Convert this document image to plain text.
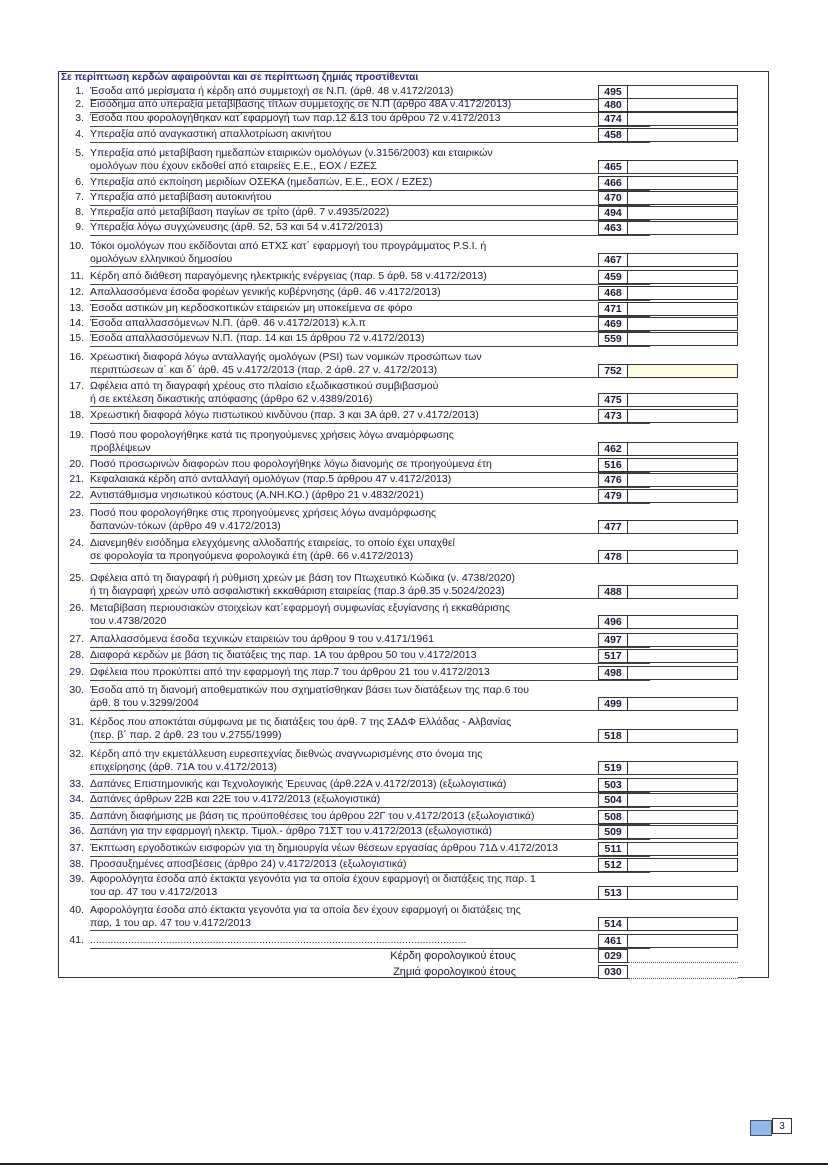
Σε περίπτωση κερδών αφαιρούνται και σε περίπτωση ζημιάς προστίθενται
1. Έσοδα από μερίσματα ή κέρδη από συμμετοχή σε Ν.Π. (άρθ. 48 ν.4172/2013)	495
2. Εισόδημα από υπεραξία μεταβίβασης τίτλων συμμετοχής σε Ν.Π (άρθρο 48Α ν.4172/2013)	480
3. Έσοδα που φορολογήθηκαν κατ΄εφαρμογή των παρ.12 &13 του άρθρου 72 ν.4172/2013	474
4. Υπεραξία από αναγκαστική απαλλοτρίωση ακινήτου	458
5. Υπεραξία από μεταβίβαση ημεδαπών εταιρικών ομολόγων (ν.3156/2003) και εταιρικών
ομολόγων που έχουν εκδοθεί από εταιρείες Ε.Ε., ΕΟΧ / ΕΖΕΣ	465
6. Υπεραξία από εκποίηση μεριδίων ΟΣΕΚΑ (ημεδαπών, Ε.Ε., ΕΟΧ / ΕΖΕΣ)	466
7. Υπεραξία από μεταβίβαση αυτοκινήτου	470
8. Υπεραξία από μεταβίβαση παγίων σε τρίτο (άρθ. 7 ν.4935/2022)	494
9. Υπεραξία λόγω συγχώνευσης (άρθ. 52, 53 και 54 ν.4172/2013)	463
10. Τόκοι ομολόγων που εκδίδονται από ΕΤΧΣ κατ΄ εφαρμογή του προγράμματος P.S.I. ή
ομολόγων ελληνικού δημοσίου	467
11. Κέρδη από διάθεση παραγόμενης ηλεκτρικής ενέργειας (παρ. 5 άρθ. 58 ν.4172/2013)	459
12. Απαλλασσόμενα έσοδα φορέων γενικής κυβέρνησης (άρθ. 46 ν.4172/2013)	468
13. Έσοδα αστικών μη κερδοσκοπικών εταιρειών μη υποκείμενα σε φόρο	471
14. Έσοδα απαλλασσόμενων Ν.Π. (άρθ. 46 ν.4172/2013) κ.λ.π	469
15. Έσοδα απαλλασσόμενων Ν.Π. (παρ. 14 και 15 άρθρου 72 ν.4172/2013)	559
16. Χρεωστική διαφορά λόγω ανταλλαγής ομολόγων (PSI) των νομικών προσώπων των
περιπτώσεων α΄ και δ΄ άρθ. 45 ν.4172/2013 (παρ. 2 άρθ. 27 ν. 4172/2013)	752
17. Ωφέλεια από τη διαγραφή χρέους στο πλαίσιο εξωδικαστικού συμβιβασμού
ή σε εκτέλεση δικαστικής απόφασης (άρθρο 62 ν.4389/2016)	475
18. Χρεωστική διαφορά λόγω πιστωτικού κινδύνου (παρ. 3 και 3Α άρθ. 27 ν.4172/2013)	473
19. Ποσό που φορολογήθηκε κατά τις προηγούμενες χρήσεις λόγω αναμόρφωσης
προβλέψεων	462
20. Ποσό προσωρινών διαφορών που φορολογήθηκε λόγω διανομής σε προηγούμενα έτη	516
21. Κεφαλαιακά κέρδη από ανταλλαγή ομολόγων (παρ.5 άρθρου 47 ν.4172/2013)	476
22. Αντιστάθμισμα νησιωτικού κόστους (Α.ΝΗ.ΚΟ.) (άρθρο 21 ν.4832/2021)	479
23. Ποσό που φορολογήθηκε στις προηγούμενες χρήσεις λόγω αναμόρφωσης
δαπανών-τόκων (άρθρο 49 ν.4172/2013)	477
24. Διανεμηθέν εισόδημα ελεγχόμενης αλλοδαπής εταιρείας, το οποίο έχει υπαχθεί
σε φορολογία τα προηγούμενα φορολογικά έτη (άρθ. 66 ν.4172/2013)	478
25. Ωφέλεια από τη διαγραφή ή ρύθμιση χρεών με βάση τον Πτωχευτικό Κώδικα (ν. 4738/2020)
ή τη διαγραφή χρεών υπό ασφαλιστική εκκαθάριση εταιρείας (παρ.3 άρθ.35 ν.5024/2023)	488
26. Μεταβίβαση περιουσιακών στοιχείων κατ΄εφαρμογή συμφωνίας εξυγίανσης ή εκκαθάρισης
του ν.4738/2020	496
27. Απαλλασσόμενα έσοδα τεχνικών εταιρειών του άρθρου 9 του ν.4171/1961	497
28. Διαφορά κερδών με βάση τις διατάξεις της παρ. 1Α του άρθρου 50 του ν.4172/2013	517
29. Ωφέλεια που προκύπτει από την εφαρμογή της παρ.7 του άρθρου 21 του ν.4172/2013	498
30. Έσοδα από τη διανομή αποθεματικών που σχηματίσθηκαν βάσει των διατάξεων της παρ.6 του
άρθ. 8 του ν.3299/2004	499
31. Κέρδος που αποκτάται σύμφωνα με τις διατάξεις του άρθ. 7 της ΣΑΔΦ Ελλάδας - Αλβανίας
(περ. β΄ παρ. 2 άρθ. 23 του ν.2755/1999)	518
32. Κέρδη από την εκμετάλλευση ευρεσιτεχνίας διεθνώς αναγνωρισμένης στο όνομα της
επιχείρησης (άρθ. 71Α του ν.4172/2013)	519
33. Δαπάνες Επιστημονικής και Τεχνολογικής Έρευνας (άρθ.22Α ν.4172/2013) (εξωλογιστικά)	503
34. Δαπάνες άρθρων 22Β και 22Ε του ν.4172/2013 (εξωλογιστικά)	504
35. Δαπάνη διαφήμισης με βάση τις προϋποθέσεις του άρθρου 22Γ του ν.4172/2013 (εξωλογιστικά)	508
36. Δαπάνη για την εφαρμογή ηλεκτρ. Τιμολ.- άρθρο 71ΣΤ του ν.4172/2013 (εξωλογιστικά)	509
37. Έκπτωση εργοδοτικών εισφορών για τη δημιουργία νέων θέσεων εργασίας άρθρου 71Δ ν.4172/2013	511
38. Προσαυξημένες αποσβέσεις (άρθρο 24) ν.4172/2013 (εξωλογιστικά)	512
39. Αφορολόγητα έσοδα από έκτακτα γεγονότα για τα οποία έχουν εφαρμογή οι διατάξεις της παρ. 1
του αρ. 47 του ν.4172/2013	513
40. Αφορολόγητα έσοδα από έκτακτα γεγονότα για τα οποία δεν έχουν εφαρμογή οι διατάξεις της
παρ. 1 του αρ. 47 του ν.4172/2013	514
41. .................................................................................................................................	461
Κέρδη φορολογικού έτους	029
Ζημιά φορολογικού έτους	030
3
